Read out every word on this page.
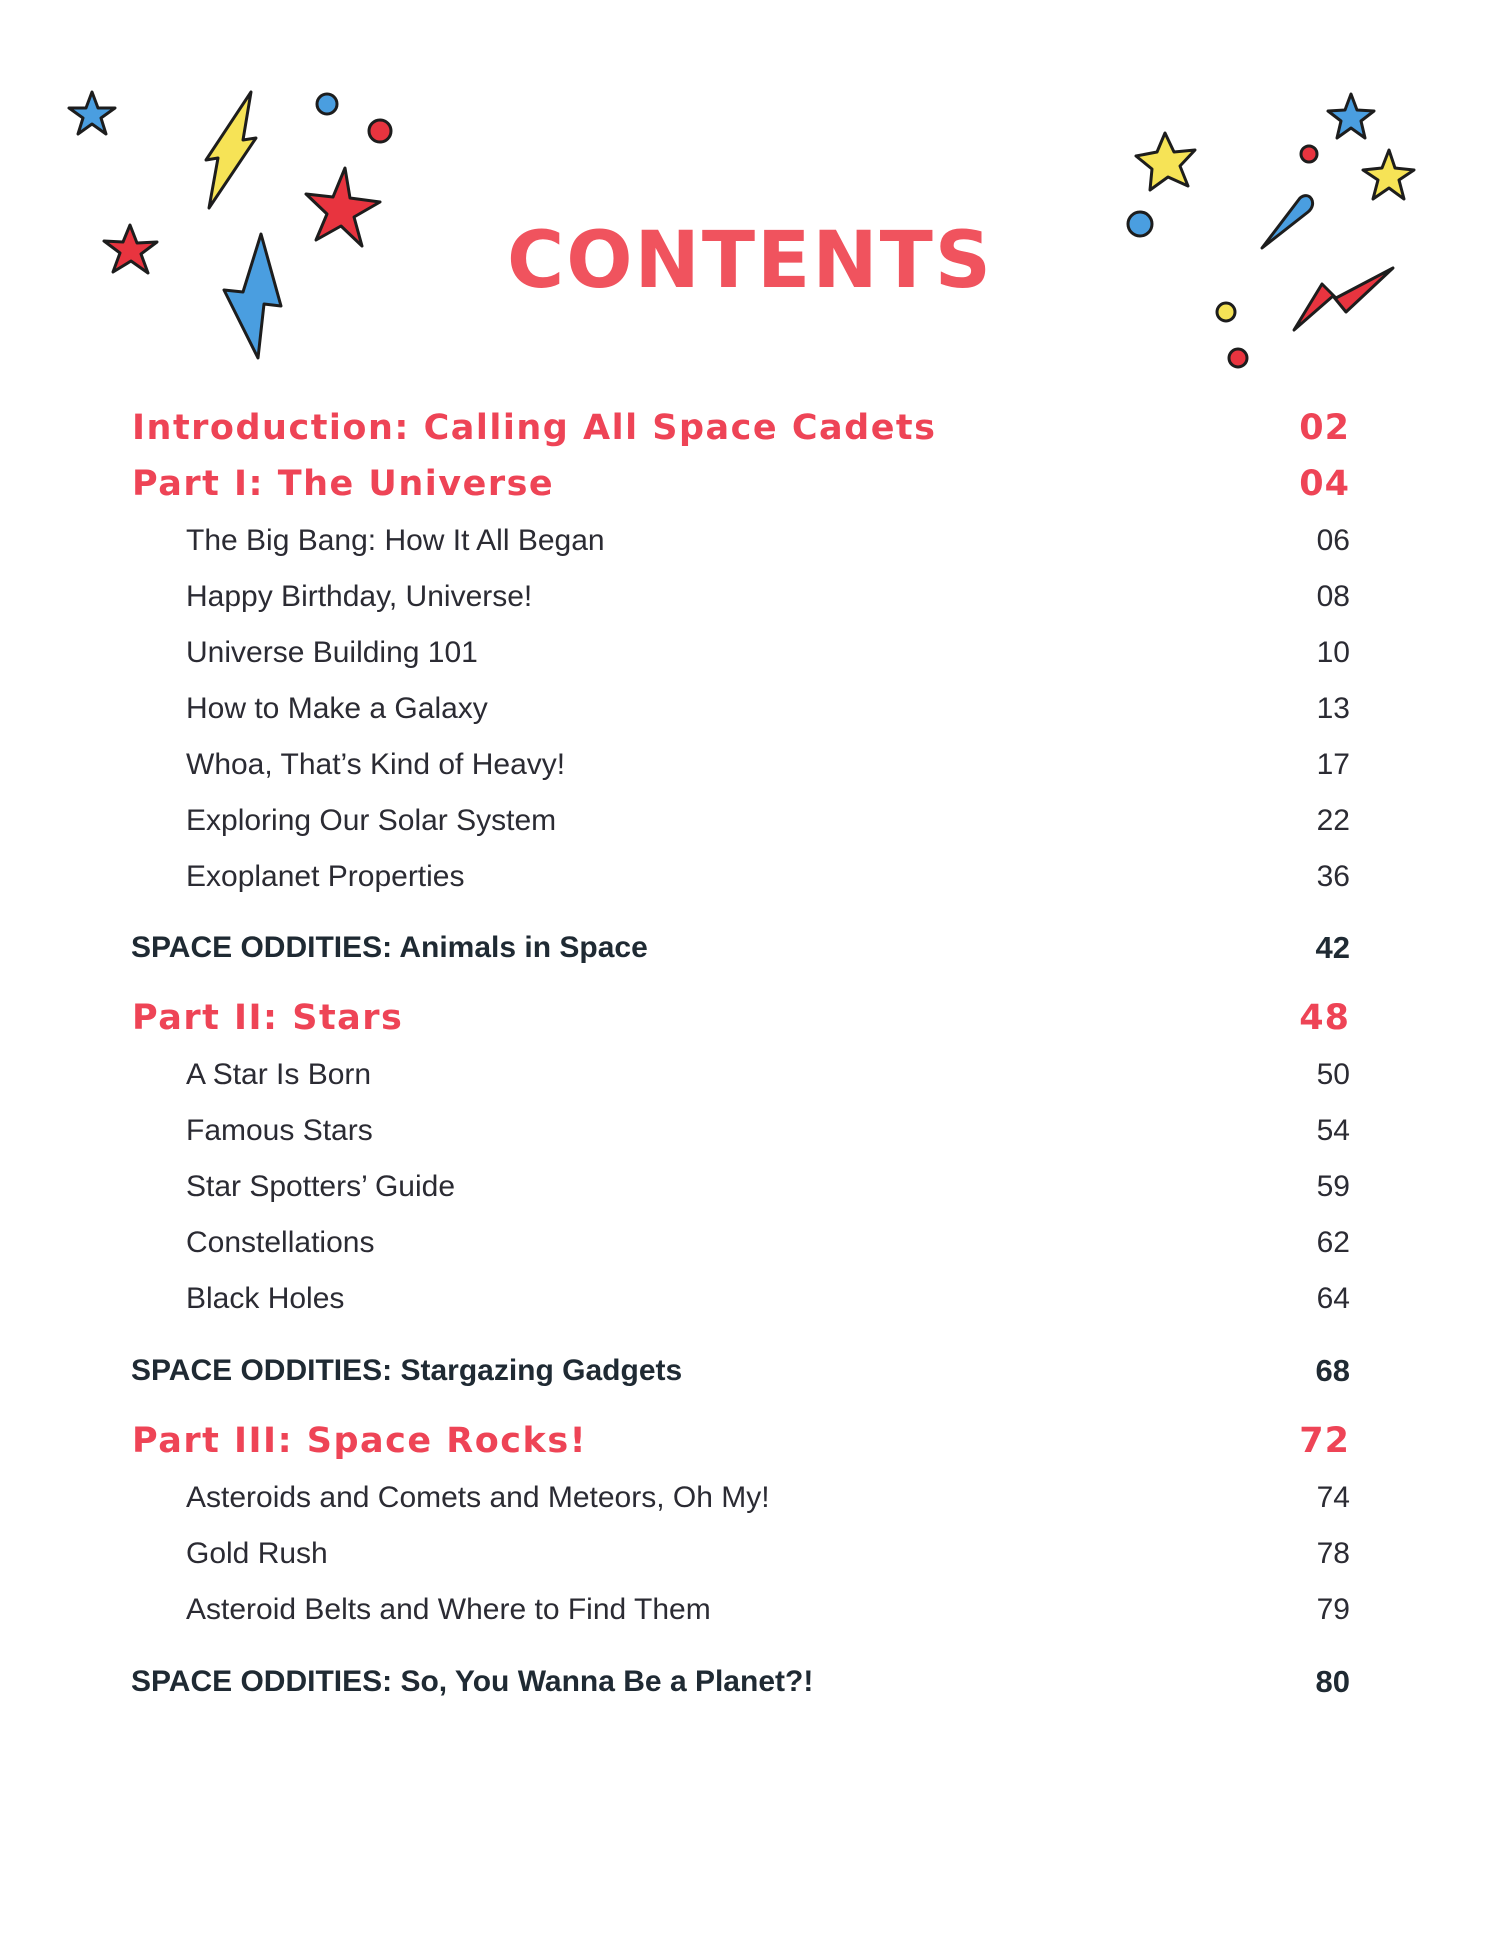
CONTENTS
Introduction: Calling All Space Cadets	02
Part I: The Universe	04
The Big Bang: How It All Began	06
Happy Birthday, Universe!	08
Universe Building 101	10
How to Make a Galaxy	13
Whoa, That’s Kind of Heavy!	17
Exploring Our Solar System	22
Exoplanet Properties	36
SPACE ODDITIES: Animals in Space	42
Part II: Stars	48
A Star Is Born	50
Famous Stars	54
Star Spotters’ Guide	59
Constellations	62
Black Holes	64
SPACE ODDITIES: Stargazing Gadgets	68
Part III: Space Rocks!	72
Asteroids and Comets and Meteors, Oh My!	74
Gold Rush	78
Asteroid Belts and Where to Find Them	79
SPACE ODDITIES: So, You Wanna Be a Planet?!	80
